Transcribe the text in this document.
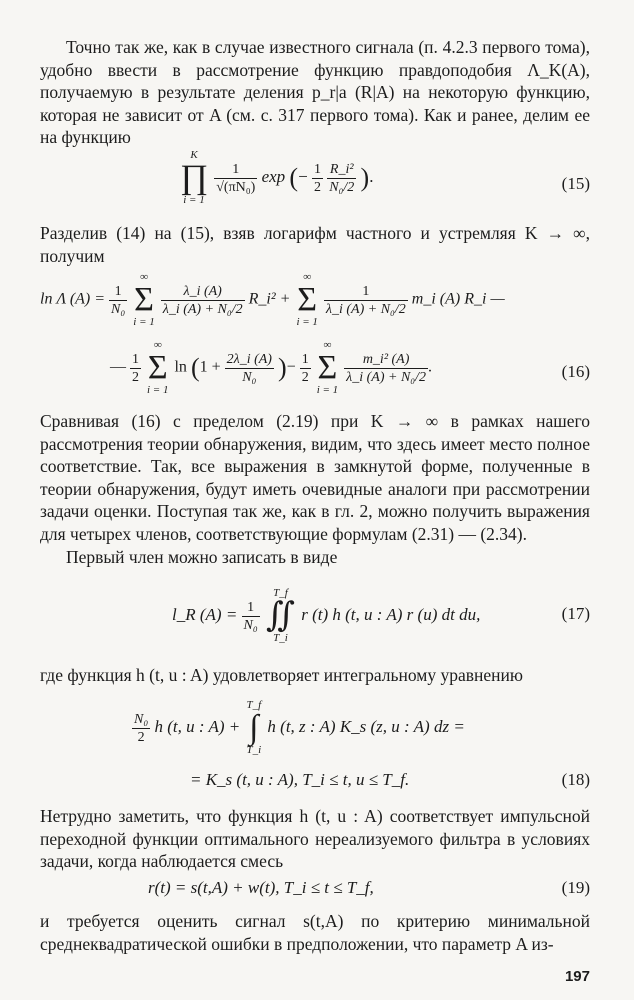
Точно так же, как в случае известного сигнала (п. 4.2.3 первого тома), удобно ввести в рассмотрение функцию правдоподобия Λ_K(A), получаемую в результате деления p_r|a (R|A) на некоторую функцию, которая не зависит от A (см. с. 317 первого тома). Как и ранее, делим ее на функцию

K
∏
i = 1

$\frac{1}{\text{√(πN₀)}}$ exp (− $\frac{1}{2}$
$\frac{\text{R\_i²}}{\text{N₀/2}}$ ).	(15)

Разделив (14) на (15), взяв логарифм частного и устремляя K → ∞, получим

ln Λ $(A) = \frac{1}{\text{N₀}}$

∞
Σ
i = 1

$\frac{\lambda\_i (A)}{\text{λ\_i (A) + N₀/2}}$ R_i² +
∞
Σ
i = 1

$\frac{1}{\text{λ\_i (A) + N₀/2}}$ m_i (A) R_i —
— $\frac{1}{2}$

∞
Σ
i = 1
$\ln (1 + \frac{2\lambda\_i (A)}{\text{N₀}}$ )− $\frac{1}{2}$

∞
Σ
i = 1

$\frac{\text{m\_i² (A)}}{\text{λ\_i (A) + N₀/2}}$ .	(16)

Сравнивая (16) с пределом (2.19) при K → ∞ в рамках нашего рассмотрения теории обнаружения, видим, что здесь имеет место полное соответствие. Так, все выражения в замкнутой форме, полученные в теории обнаружения, будут иметь очевидные аналоги при рассмотрении задачи оценки. Поступая так же, как в гл. 2, можно получить выражения для четырех членов, соответствующие формулам (2.31) — (2.34).

Первый член можно записать в виде

l_R $(A) = \frac{1}{\text{N₀}}$

T_f
∬
T_i
r (t) h (t, u : A) r (u) dt du,	(17)

где функция h (t, u : A) удовлетворяет интегральному уравнению

$\frac{\text{N₀}}{2}$ h (t, u : A) +
T_f
∫
T_i
h (t, z : A) K_s (z, u : A) dz =
= K_s (t, u : A), T_i ≤ t, u ≤ T_f.	(18)

Нетрудно заметить, что функция h (t, u : A) соответствует импульсной переходной функции оптимального нереализуемого фильтра в условиях задачи, когда наблюдается смесь

r(t) = s(t,A) + w(t), T_i ≤ t ≤ T_f,	(19)

и требуется оценить сигнал s(t,A) по критерию минимальной среднеквадратической ошибки в предположении, что параметр A из-

197
